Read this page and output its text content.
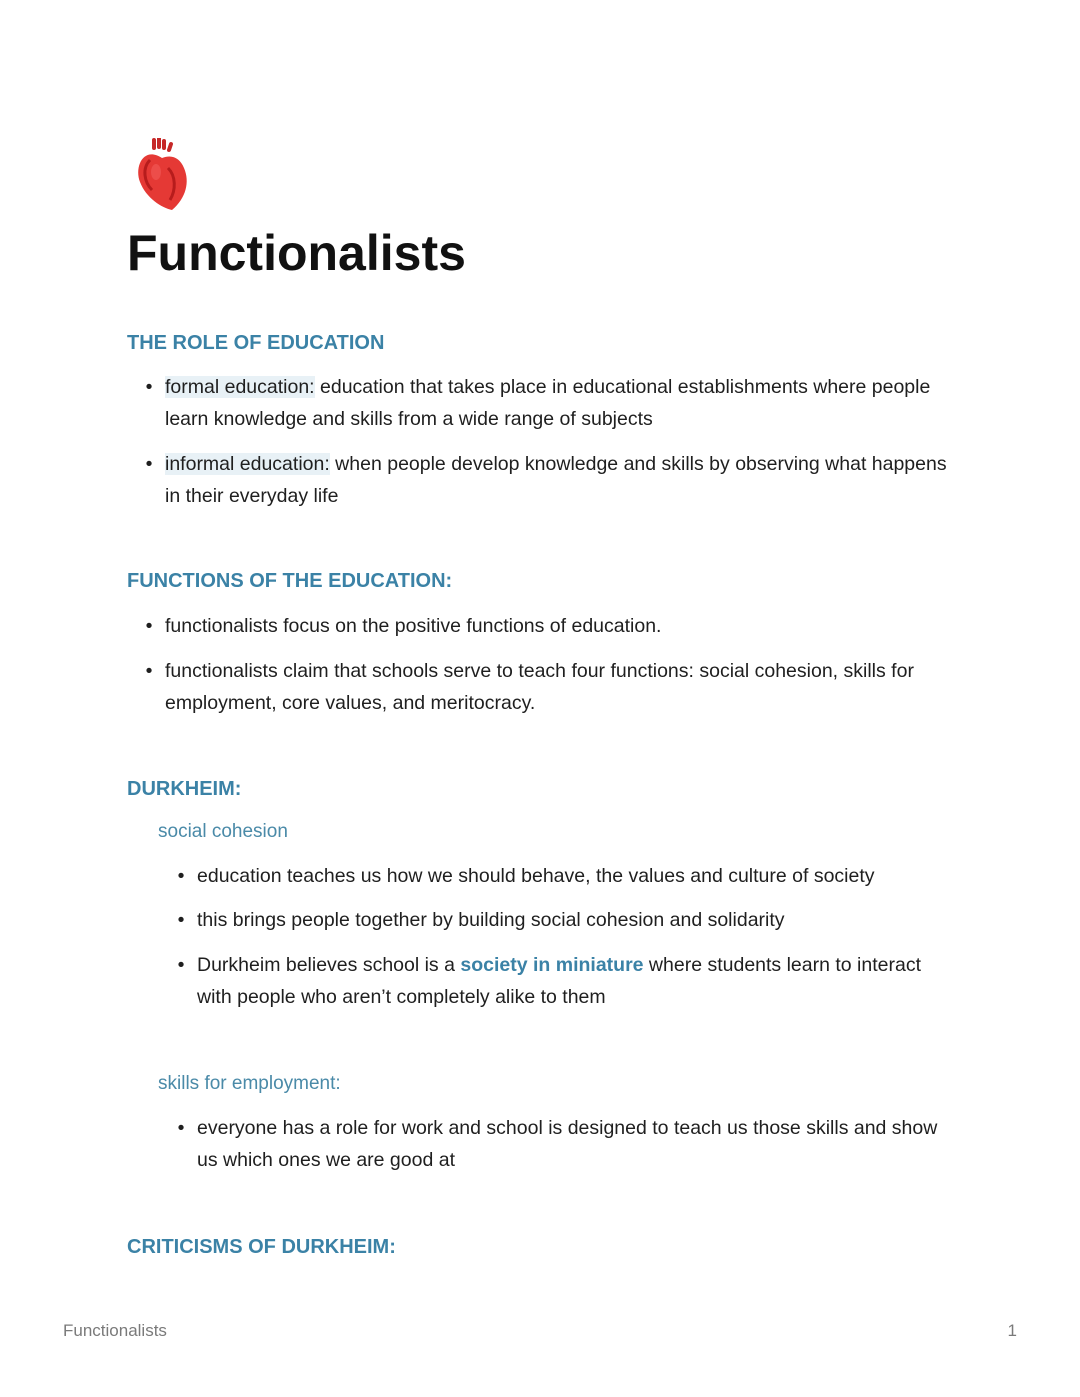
Functionalists
THE ROLE OF EDUCATION
• formal education: education that takes place in educational establishments where people learn knowledge and skills from a wide range of subjects
• informal education: when people develop knowledge and skills by observing what happens in their everyday life
FUNCTIONS OF THE EDUCATION:
• functionalists focus on the positive functions of education.
• functionalists claim that schools serve to teach four functions: social cohesion, skills for employment, core values, and meritocracy.
DURKHEIM:
social cohesion
• education teaches us how we should behave, the values and culture of society
• this brings people together by building social cohesion and solidarity
• Durkheim believes school is a society in miniature where students learn to interact with people who aren’t completely alike to them
skills for employment:
• everyone has a role for work and school is designed to teach us those skills and show us which ones we are good at
CRITICISMS OF DURKHEIM:
Functionalists	1
